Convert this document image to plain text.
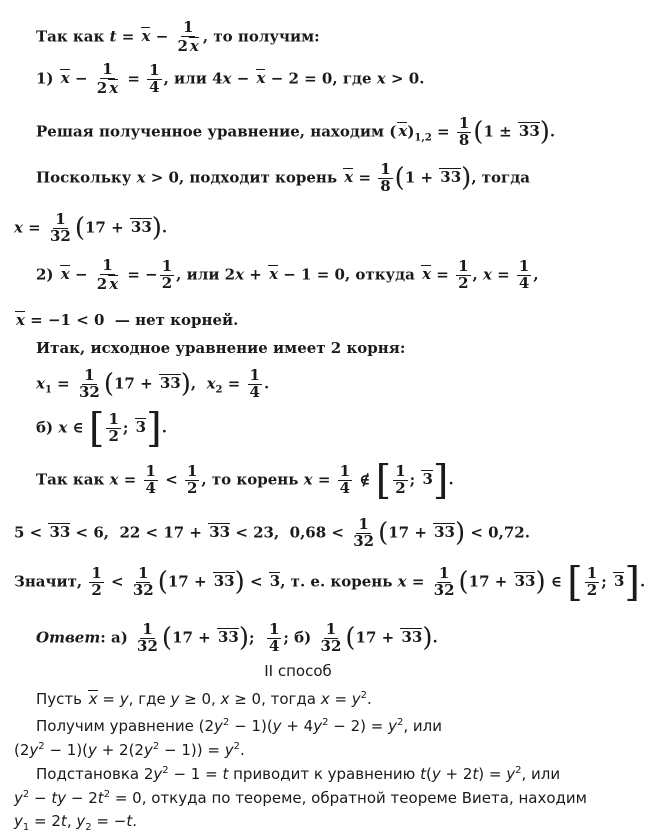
Так как $t = x - \frac{1}{2 x}$ , то получим:
1) $x - \frac{1}{2 x} = \frac{1}{4}$ , или 4x − x − 2 = 0, где x > 0.
Решая полученное уравнение, находим ( $x)_{1,2} = \frac{1}{8} (1 \pm 33)$.
Поскольку x > 0, подходит корень $x = \frac{1}{8} (1 + 33)$, тогда
$x = \frac{1}{32} (17 + 33)$.
2) $x - \frac{1}{2 x}$ = − $\frac{1}{2}$ , или 2x + x − 1 = 0, откуда $x = \frac{1}{2}$ , $x = \frac{1}{4}$ ,
x = −1 < 0  — нет корней.
Итак, исходное уравнение имеет 2 корня:
$x_1 = \frac{1}{32} (17 + 33)$,  $x_2 = \frac{1}{4}$ .
б) x ∈ [ $\frac{1}{2}$ ; 3].
Так как $x = \frac{1}{4} < \frac{1}{2}$ , то корень $x = \frac{1}{4}$ ∉ [ $\frac{1}{2}$ ; 3].
5 < 33 < 6,  22 < 17 + 33 < 23,  $0,68 < \frac{1}{32} (17 + 33) < 0,72$.
Значит, $\frac{1}{2} < \frac{1}{32} (17 + 33) < 3$, т. е. корень $x = \frac{1}{32} (17 + 33)$ ∈ [ $\frac{1}{2}$ ; 3].
Ответ: $а) \frac{1}{32} (17 + 33)$; $\frac{1}{4}$ ; $б) \frac{1}{32} (17 + 33)$.
II способ
Пусть x = y, где y ≥ 0, x ≥ 0, тогда $x = y^2$.
Получим уравнение $(2y^2 - 1)(y + 4y^2 - 2) = y^2$, или
$(2y^2 - 1)(y + 2(2y^2 - 1)) = y^2$.
Подстановка $2y^2 - 1 = t$ приводит к уравнению $t(y + 2t) = y^2$, или
$y^2$ − ty − $2t^2 = 0$, откуда по теореме, обратной теореме Виета, находим
$y_1 = 2t$, $y_2 = -t$.
